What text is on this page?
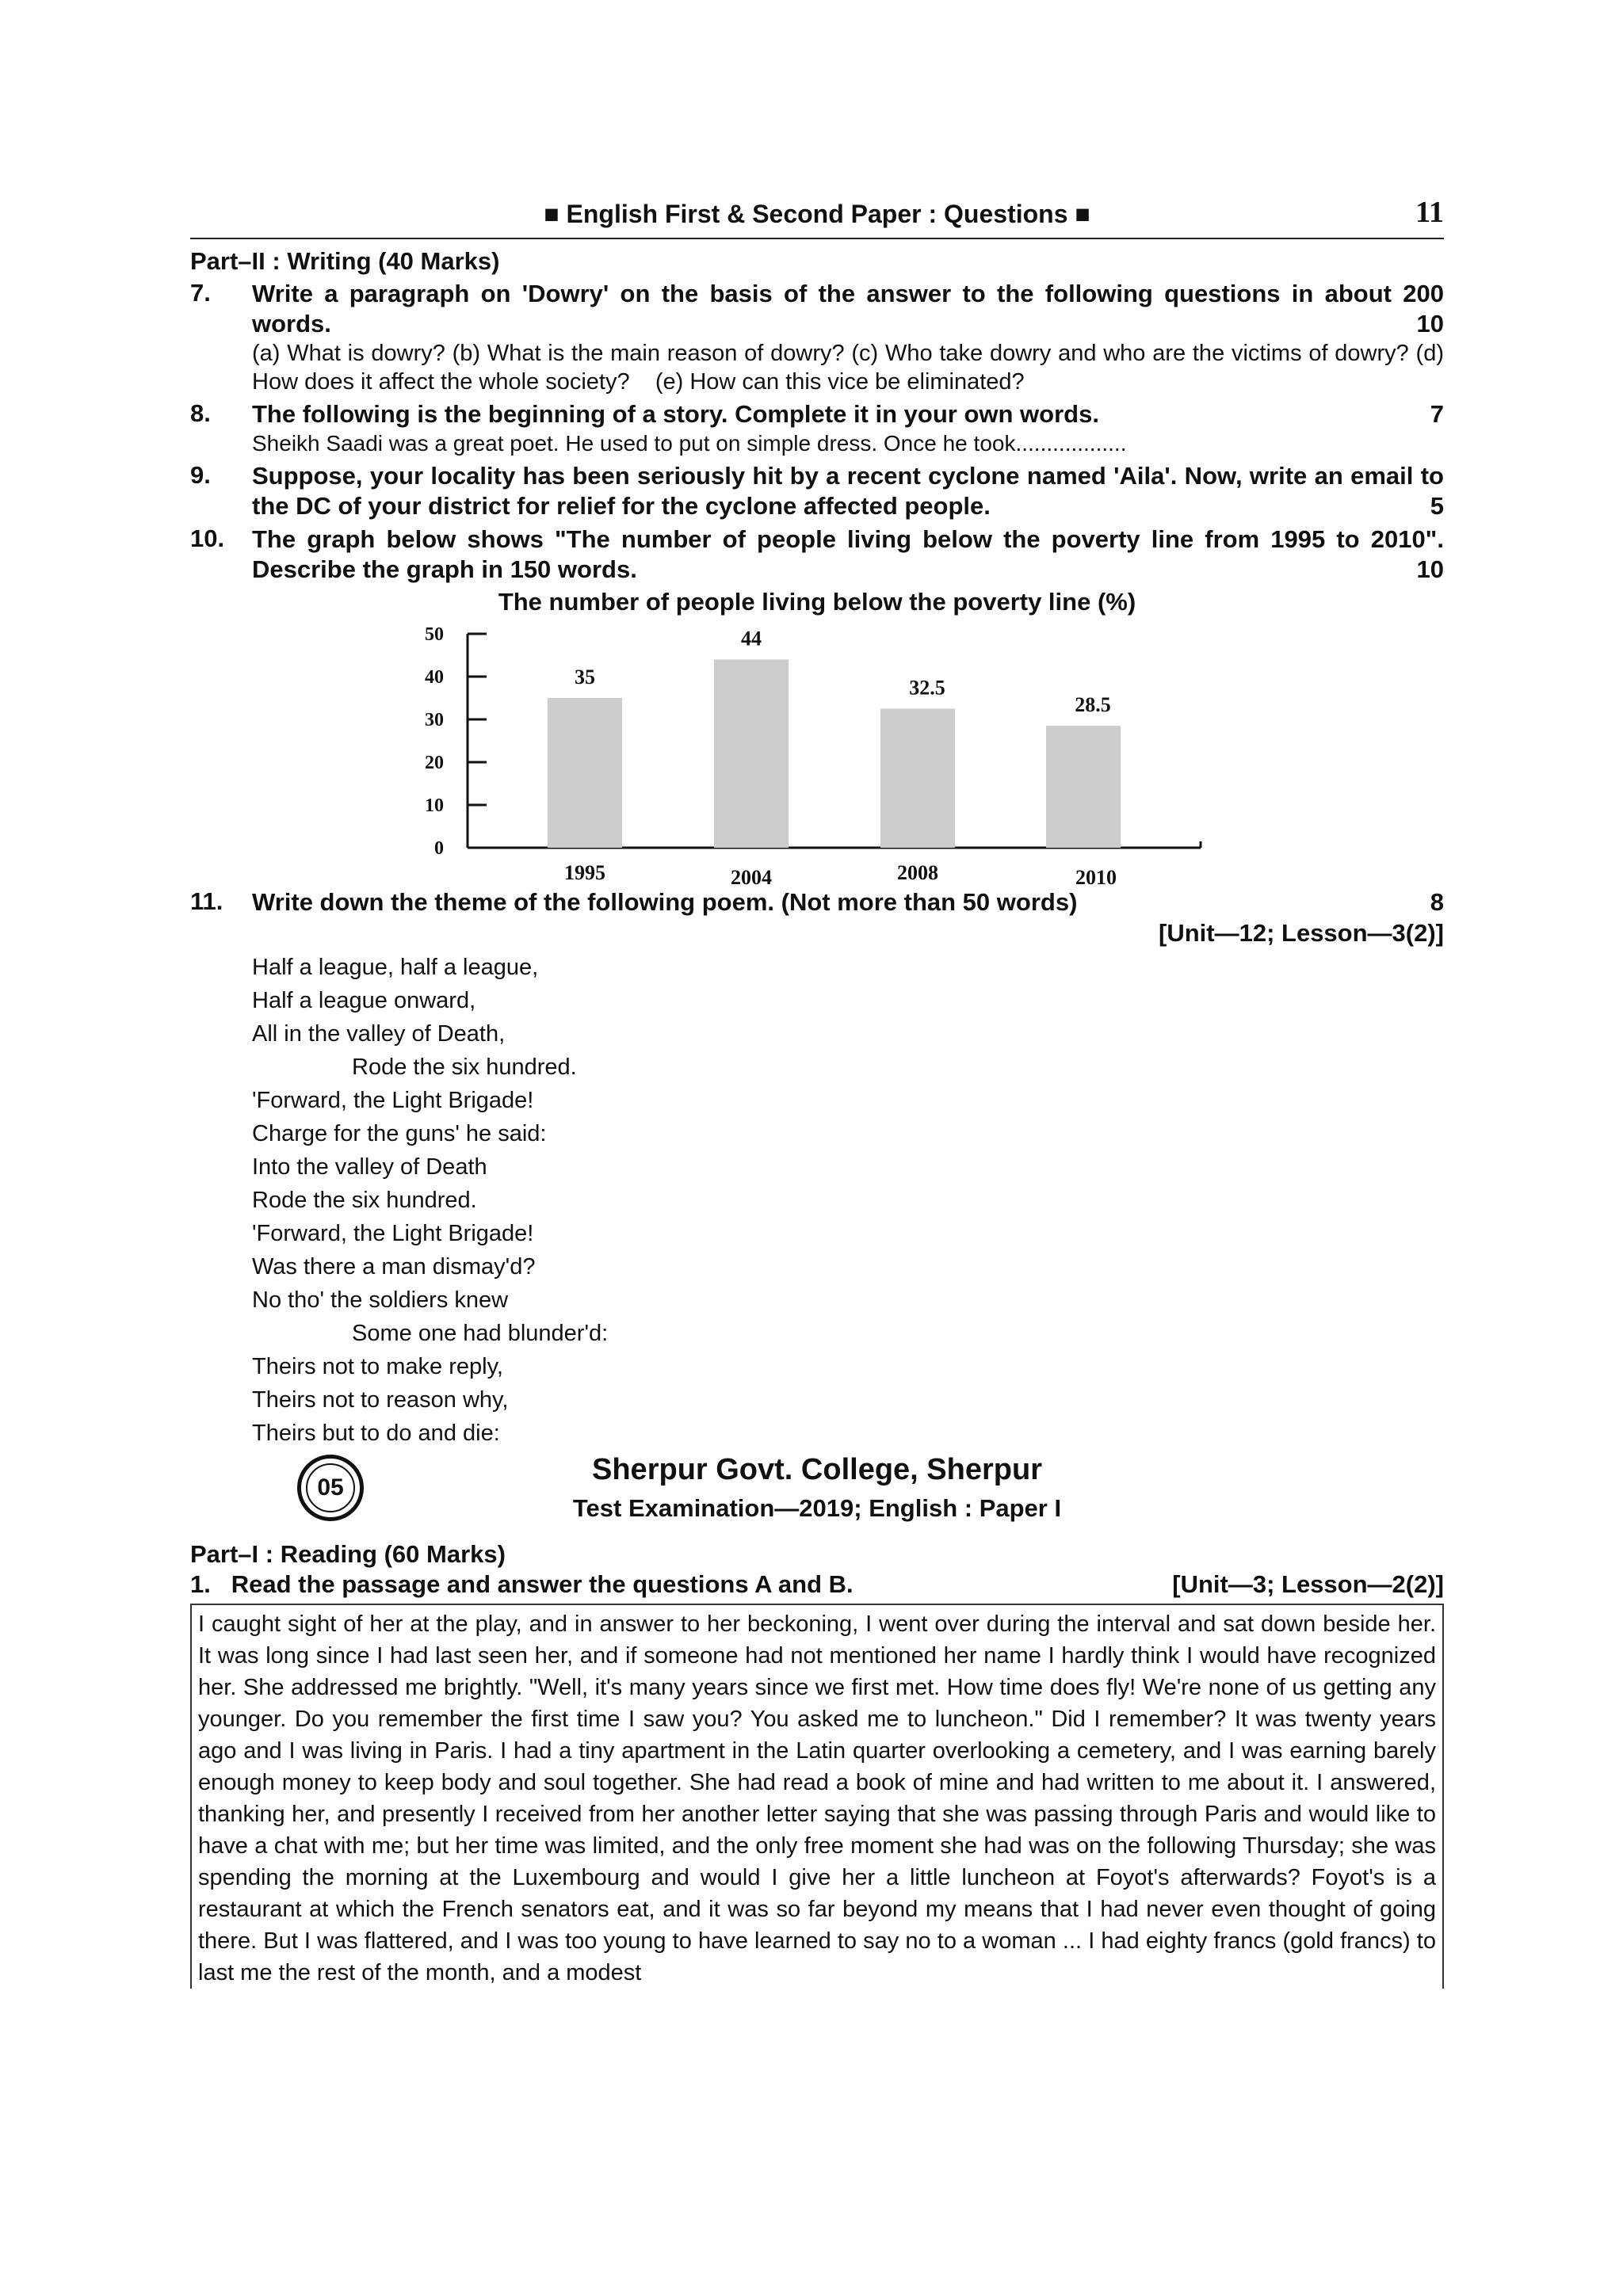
■ English First & Second Paper : Questions ■	11
Part–II : Writing (40 Marks)
7. Write a paragraph on 'Dowry' on the basis of the answer to the following questions in about 200 words.	10
(a) What is dowry? (b) What is the main reason of dowry? (c) Who take dowry and who are the victims of dowry? (d) How does it affect the whole society? (e) How can this vice be eliminated?
8.	7
The following is the beginning of a story. Complete it in your own words.
Sheikh Saadi was a great poet. He used to put on simple dress. Once he took..................
9. Suppose, your locality has been seriously hit by a recent cyclone named 'Aila'. Now, write an email to the DC of your district for relief for the cyclone affected people.	5
10. The graph below shows "The number of people living below the poverty line from 1995 to 2010". Describe the graph in 150 words.	10
The number of people living below the poverty line (%)
0
10
20
30
40
50
35
1995
44
2004
32.5
2008
28.5
2010
11. Write down the theme of the following poem. (Not more than 50 words)	8
[Unit—12; Lesson—3(2)]
Half a league, half a league,
Half a league onward,
All in the valley of Death,
Rode the six hundred.
'Forward, the Light Brigade!
Charge for the guns' he said:
Into the valley of Death
Rode the six hundred.
'Forward, the Light Brigade!
Was there a man dismay'd?
No tho' the soldiers knew
Some one had blunder'd:
Theirs not to make reply,
Theirs not to reason why,
Theirs but to do and die:
05
Sherpur Govt. College, Sherpur
Test Examination—2019; English : Paper I
Part–I : Reading (60 Marks)
1. Read the passage and answer the questions A and B.	[Unit—3; Lesson—2(2)]
I caught sight of her at the play, and in answer to her beckoning, I went over during the interval and sat down beside her. It was long since I had last seen her, and if someone had not mentioned her name I hardly think I would have recognized her. She addressed me brightly. "Well, it's many years since we first met. How time does fly! We're none of us getting any younger. Do you remember the first time I saw you? You asked me to luncheon." Did I remember? It was twenty years ago and I was living in Paris. I had a tiny apartment in the Latin quarter overlooking a cemetery, and I was earning barely enough money to keep body and soul together. She had read a book of mine and had written to me about it. I answered, thanking her, and presently I received from her another letter saying that she was passing through Paris and would like to have a chat with me; but her time was limited, and the only free moment she had was on the following Thursday; she was spending the morning at the Luxembourg and would I give her a little luncheon at Foyot's afterwards? Foyot's is a restaurant at which the French senators eat, and it was so far beyond my means that I had never even thought of going there. But I was flattered, and I was too young to have learned to say no to a woman ... I had eighty francs (gold francs) to last me the rest of the month, and a modest
